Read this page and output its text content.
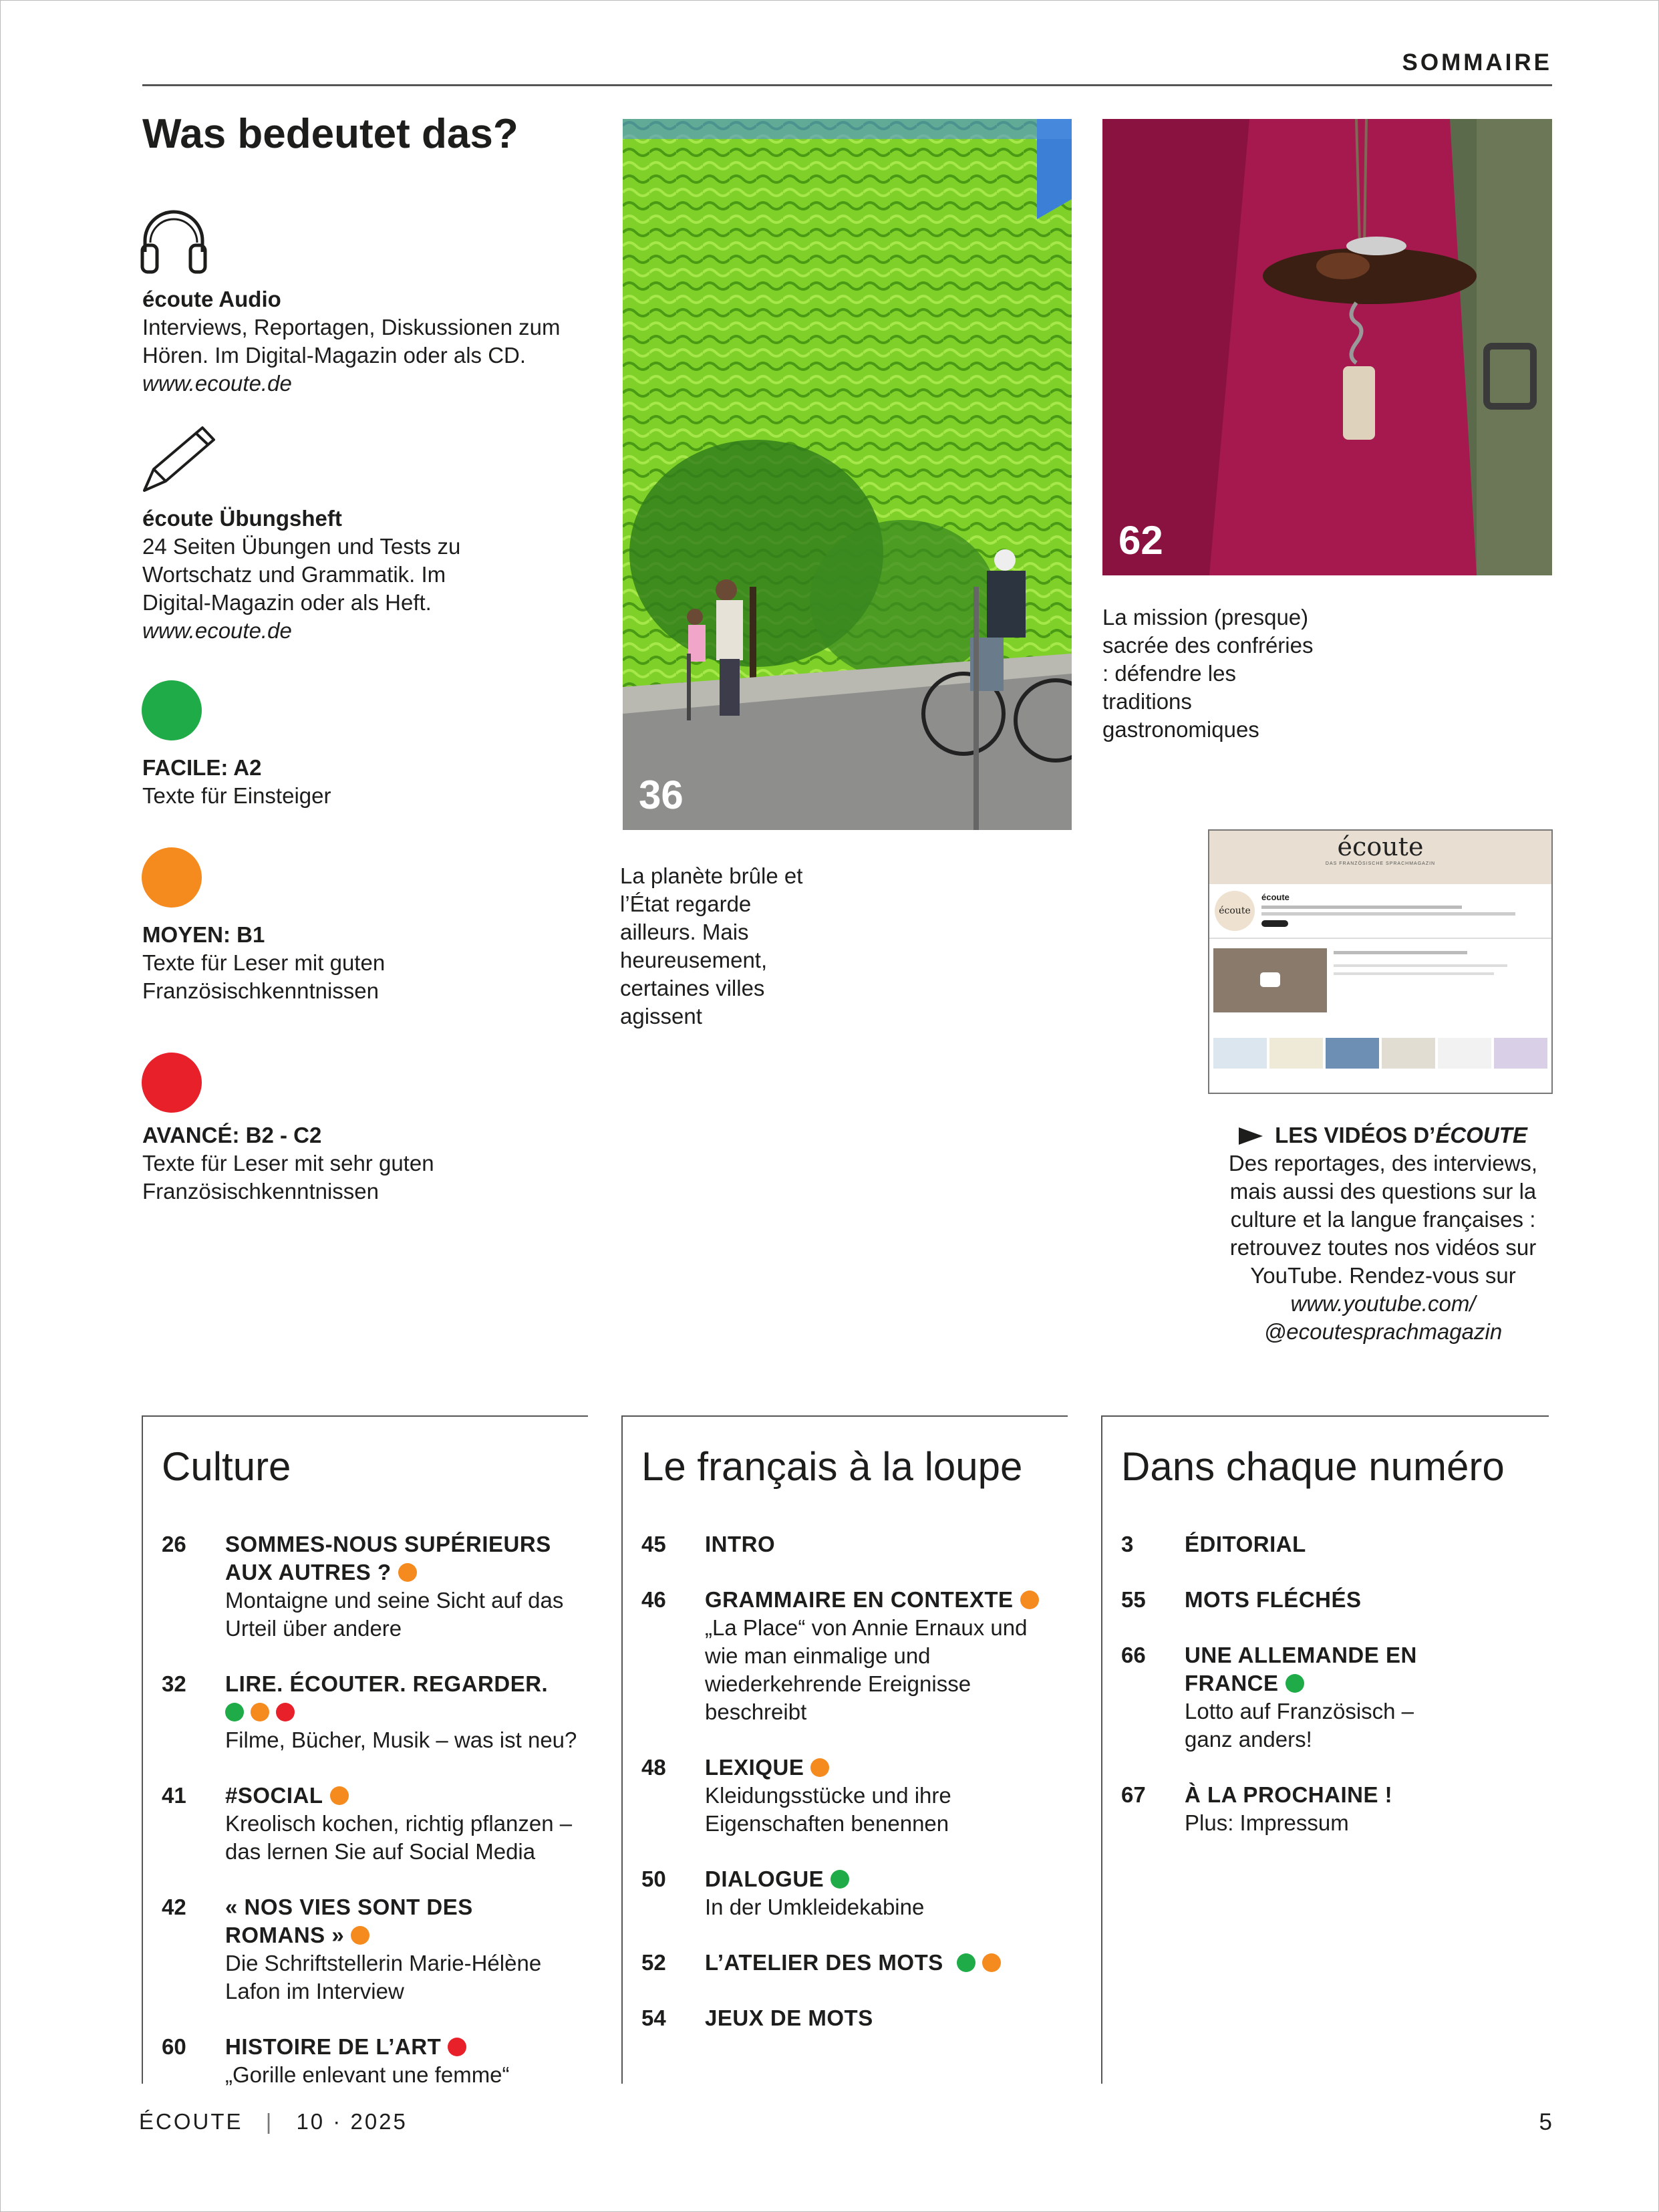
SOMMAIRE
Was bedeutet das?
écoute Audio
Interviews, Reportagen, Diskussionen zum Hören. Im Digital-Magazin oder als CD.
www.ecoute.de
écoute Übungsheft
24 Seiten Übungen und Tests zu Wortschatz und Grammatik. Im Digital-Magazin oder als Heft.
www.ecoute.de
FACILE: A2
Texte für Einsteiger
MOYEN: B1
Texte für Leser mit guten Französischkenntnissen
AVANCÉ: B2 - C2
Texte für Leser mit sehr guten Französischkenntnissen
36
La planète brûle et l’État regarde ailleurs. Mais heureusement, certaines villes agissent
62
La mission (presque) sacrée des confréries : défendre les traditions gastronomiques
écoute
DAS FRANZÖSISCHE SPRACHMAGAZIN
écoute
écoute
LES VIDÉOS D’ÉCOUTE
Des reportages, des interviews, mais aussi des questions sur la culture et la langue françaises : retrouvez toutes nos vidéos sur YouTube. Rendez-vous sur
www.youtube.com/
@ecoutesprachmagazin
Culture
26	SOMMES-NOUS SUPÉRIEURS AUX AUTRES ?
Montaigne und seine Sicht auf das Urteil über andere
32	LIRE. ÉCOUTER. REGARDER.

Filme, Bücher, Musik – was ist neu?
41	#SOCIAL
Kreolisch kochen, richtig pflanzen – das lernen Sie auf Social Media
42	« NOS VIES SONT DES ROMANS »
Die Schriftstellerin Marie-Hélène Lafon im Interview
60	HISTOIRE DE L’ART
„Gorille enlevant une femme“
Le français à la loupe
45	INTRO
46	GRAMMAIRE EN CONTEXTE
„La Place“ von Annie Ernaux und wie man einmalige und wiederkehrende Ereignisse beschreibt
48	LEXIQUE
Kleidungsstücke und ihre Eigenschaften benennen
50	DIALOGUE
In der Umkleidekabine
52	L’ATELIER DES MOTS
54	JEUX DE MOTS
Dans chaque numéro
3	ÉDITORIAL
55	MOTS FLÉCHÉS
66	UNE ALLEMANDE EN FRANCE
Lotto auf Französisch – ganz anders!
67	À LA PROCHAINE !
Plus: Impressum
ÉCOUTE | 10 · 2025	5
